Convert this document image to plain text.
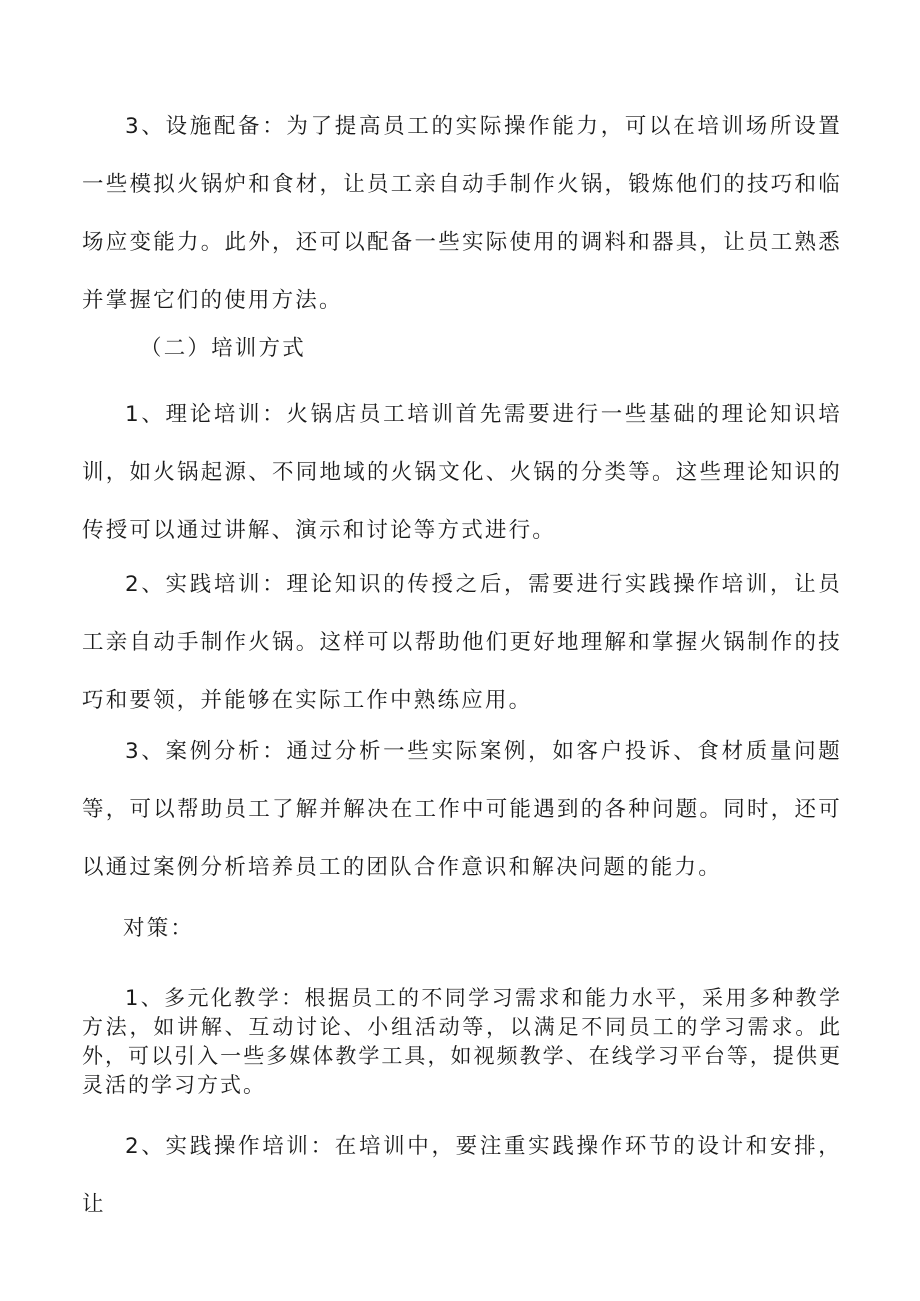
3、设施配备：为了提高员工的实际操作能力，可以在培训场所设置一些模拟火锅炉和食材，让员工亲自动手制作火锅，锻炼他们的技巧和临场应变能力。此外，还可以配备一些实际使用的调料和器具，让员工熟悉并掌握它们的使用方法。

（二）培训方式

1、理论培训：火锅店员工培训首先需要进行一些基础的理论知识培训，如火锅起源、不同地域的火锅文化、火锅的分类等。这些理论知识的传授可以通过讲解、演示和讨论等方式进行。

2、实践培训：理论知识的传授之后，需要进行实践操作培训，让员工亲自动手制作火锅。这样可以帮助他们更好地理解和掌握火锅制作的技巧和要领，并能够在实际工作中熟练应用。

3、案例分析：通过分析一些实际案例，如客户投诉、食材质量问题等，可以帮助员工了解并解决在工作中可能遇到的各种问题。同时，还可以通过案例分析培养员工的团队合作意识和解决问题的能力。

对策：

1、多元化教学：根据员工的不同学习需求和能力水平，采用多种教学方法，如讲解、互动讨论、小组活动等，以满足不同员工的学习需求。此外，可以引入一些多媒体教学工具，如视频教学、在线学习平台等，提供更灵活的学习方式。

2、实践操作培训：在培训中，要注重实践操作环节的设计和安排，让
